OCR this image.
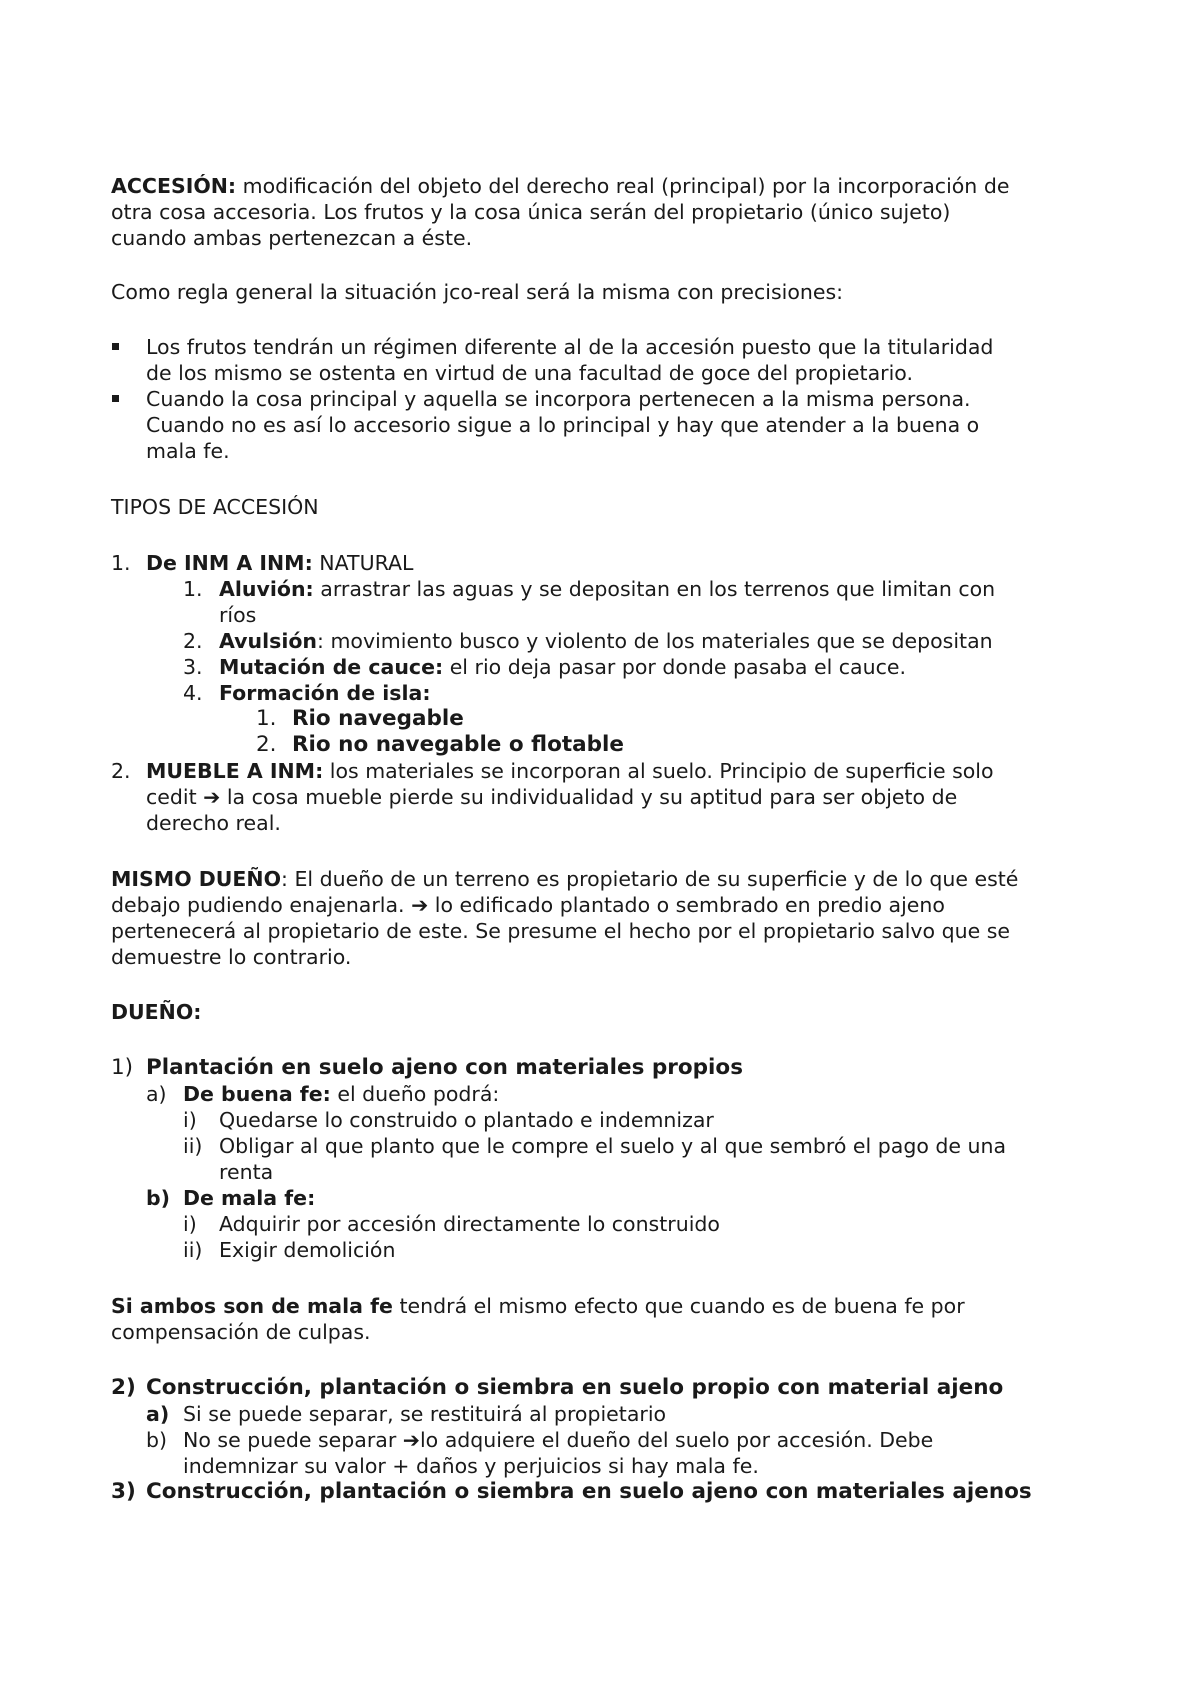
ACCESIÓN: modificación del objeto del derecho real (principal) por la incorporación de
otra cosa accesoria. Los frutos y la cosa única serán del propietario (único sujeto)
cuando ambas pertenezcan a éste.
Como regla general la situación jco-real será la misma con precisiones:
Los frutos tendrán un régimen diferente al de la accesión puesto que la titularidad
de los mismo se ostenta en virtud de una facultad de goce del propietario.
Cuando la cosa principal y aquella se incorpora pertenecen a la misma persona.
Cuando no es así lo accesorio sigue a lo principal y hay que atender a la buena o
mala fe.
TIPOS DE ACCESIÓN
1. De INM A INM: NATURAL
1. Aluvión: arrastrar las aguas y se depositan en los terrenos que limitan con
ríos
2. Avulsión: movimiento busco y violento de los materiales que se depositan
3. Mutación de cauce: el rio deja pasar por donde pasaba el cauce.
4. Formación de isla:
1. Rio navegable
2. Rio no navegable o flotable
2. MUEBLE A INM: los materiales se incorporan al suelo. Principio de superficie solo
cedit ➔ la cosa mueble pierde su individualidad y su aptitud para ser objeto de
derecho real.
MISMO DUEÑO: El dueño de un terreno es propietario de su superficie y de lo que esté
debajo pudiendo enajenarla. ➔ lo edificado plantado o sembrado en predio ajeno
pertenecerá al propietario de este. Se presume el hecho por el propietario salvo que se
demuestre lo contrario.
DUEÑO:
1) Plantación en suelo ajeno con materiales propios
a) De buena fe: el dueño podrá:
i) Quedarse lo construido o plantado e indemnizar
ii) Obligar al que planto que le compre el suelo y al que sembró el pago de una
renta
b) De mala fe:
i) Adquirir por accesión directamente lo construido
ii) Exigir demolición
Si ambos son de mala fe tendrá el mismo efecto que cuando es de buena fe por
compensación de culpas.
2) Construcción, plantación o siembra en suelo propio con material ajeno
a) Si se puede separar, se restituirá al propietario
b) No se puede separar ➔lo adquiere el dueño del suelo por accesión. Debe
indemnizar su valor + daños y perjuicios si hay mala fe.
3) Construcción, plantación o siembra en suelo ajeno con materiales ajenos
